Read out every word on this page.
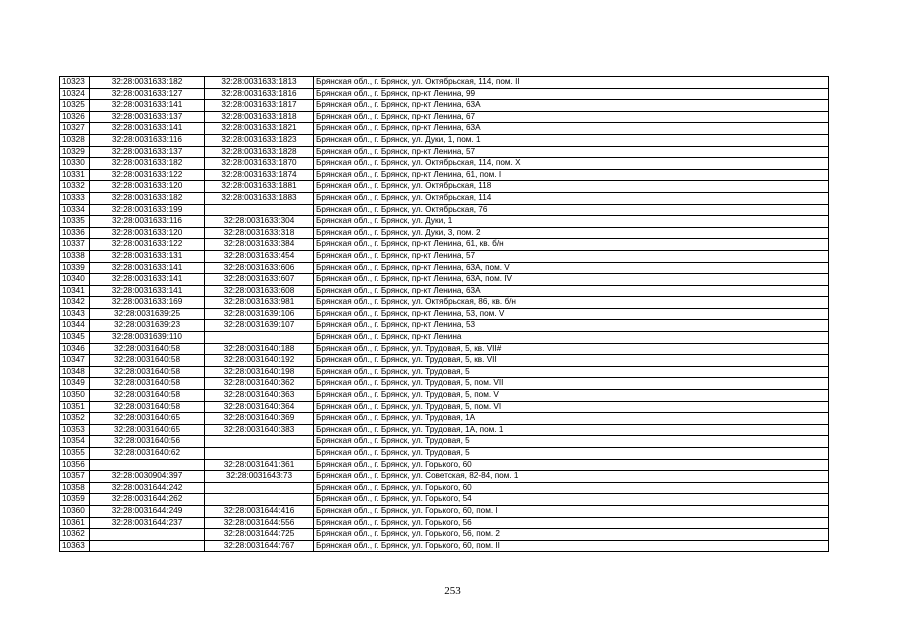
10323	32:28:0031633:182	32:28:0031633:1813	Брянская обл., г. Брянск, ул. Октябрьская, 114, пом. II
10324	32:28:0031633:127	32:28:0031633:1816	Брянская обл., г. Брянск, пр-кт Ленина, 99
10325	32:28:0031633:141	32:28:0031633:1817	Брянская обл., г. Брянск, пр-кт Ленина, 63А
10326	32:28:0031633:137	32:28:0031633:1818	Брянская обл., г. Брянск, пр-кт Ленина, 67
10327	32:28:0031633:141	32:28:0031633:1821	Брянская обл., г. Брянск, пр-кт Ленина, 63А
10328	32:28:0031633:116	32:28:0031633:1823	Брянская обл., г. Брянск, ул. Дуки, 1, пом. 1
10329	32:28:0031633:137	32:28:0031633:1828	Брянская обл., г. Брянск, пр-кт Ленина, 57
10330	32:28:0031633:182	32:28:0031633:1870	Брянская обл., г. Брянск, ул. Октябрьская, 114, пом. X
10331	32:28:0031633:122	32:28:0031633:1874	Брянская обл., г. Брянск, пр-кт Ленина, 61, пом. I
10332	32:28:0031633:120	32:28:0031633:1881	Брянская обл., г. Брянск, ул. Октябрьская, 118
10333	32:28:0031633:182	32:28:0031633:1883	Брянская обл., г. Брянск, ул. Октябрьская, 114
10334	32:28:0031633:199		Брянская обл., г. Брянск, ул. Октябрьская, 76
10335	32:28:0031633:116	32:28:0031633:304	Брянская обл., г. Брянск, ул. Дуки, 1
10336	32:28:0031633:120	32:28:0031633:318	Брянская обл., г. Брянск, ул. Дуки, 3, пом. 2
10337	32:28:0031633:122	32:28:0031633:384	Брянская обл., г. Брянск, пр-кт Ленина, 61, кв. б/н
10338	32:28:0031633:131	32:28:0031633:454	Брянская обл., г. Брянск, пр-кт Ленина, 57
10339	32:28:0031633:141	32:28:0031633:606	Брянская обл., г. Брянск, пр-кт Ленина, 63А, пом. V
10340	32:28:0031633:141	32:28:0031633:607	Брянская обл., г. Брянск, пр-кт Ленина, 63А, пом. IV
10341	32:28:0031633:141	32:28:0031633:608	Брянская обл., г. Брянск, пр-кт Ленина, 63А
10342	32:28:0031633:169	32:28:0031633:981	Брянская обл., г. Брянск, ул. Октябрьская, 86, кв. б/н
10343	32:28:0031639:25	32:28:0031639:106	Брянская обл., г. Брянск, пр-кт Ленина, 53, пом. V
10344	32:28:0031639:23	32:28:0031639:107	Брянская обл., г. Брянск, пр-кт Ленина, 53
10345	32:28:0031639:110		Брянская обл., г. Брянск, пр-кт Ленина
10346	32:28:0031640:58	32:28:0031640:188	Брянская обл., г. Брянск, ул. Трудовая, 5, кв. VII#
10347	32:28:0031640:58	32:28:0031640:192	Брянская обл., г. Брянск, ул. Трудовая, 5, кв. VII
10348	32:28:0031640:58	32:28:0031640:198	Брянская обл., г. Брянск, ул. Трудовая, 5
10349	32:28:0031640:58	32:28:0031640:362	Брянская обл., г. Брянск, ул. Трудовая, 5, пом. VII
10350	32:28:0031640:58	32:28:0031640:363	Брянская обл., г. Брянск, ул. Трудовая, 5, пом. V
10351	32:28:0031640:58	32:28:0031640:364	Брянская обл., г. Брянск, ул. Трудовая, 5, пом. VI
10352	32:28:0031640:65	32:28:0031640:369	Брянская обл., г. Брянск, ул. Трудовая, 1А
10353	32:28:0031640:65	32:28:0031640:383	Брянская обл., г. Брянск, ул. Трудовая, 1А, пом. 1
10354	32:28:0031640:56		Брянская обл., г. Брянск, ул. Трудовая, 5
10355	32:28:0031640:62		Брянская обл., г. Брянск, ул. Трудовая, 5
10356		32:28:0031641:361	Брянская обл., г. Брянск, ул. Горького, 60
10357	32:28:0030904:397	32:28:0031643:73	Брянская обл., г. Брянск, ул. Советская, 82-84, пом. 1
10358	32:28:0031644:242		Брянская обл., г. Брянск, ул. Горького, 60
10359	32:28:0031644:262		Брянская обл., г. Брянск, ул. Горького, 54
10360	32:28:0031644:249	32:28:0031644:416	Брянская обл., г. Брянск, ул. Горького, 60, пом. I
10361	32:28:0031644:237	32:28:0031644:556	Брянская обл., г. Брянск, ул. Горького, 56
10362		32:28:0031644:725	Брянская обл., г. Брянск, ул. Горького, 56, пом. 2
10363		32:28:0031644:767	Брянская обл., г. Брянск, ул. Горького, 60, пом. II
253
